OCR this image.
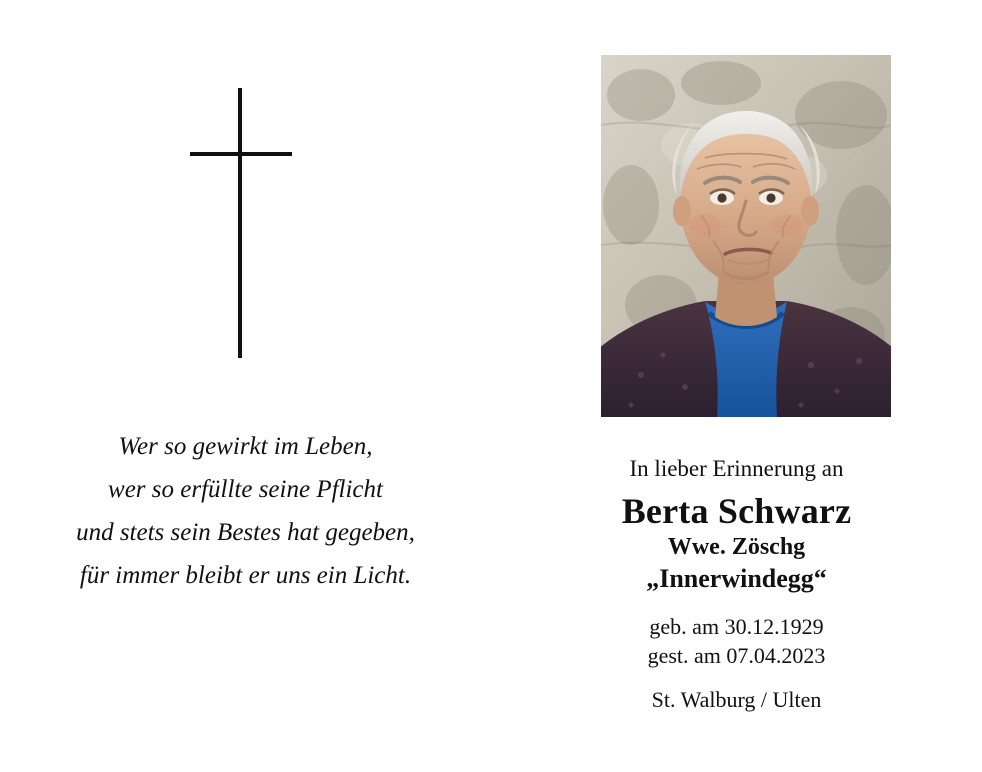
Wer so gewirkt im Leben,
wer so erfüllte seine Pflicht
und stets sein Bestes hat gegeben,
für immer bleibt er uns ein Licht.
In lieber Erinnerung an
Berta Schwarz
Wwe. Zöschg
„Innerwindegg“
geb. am 30.12.1929
gest. am 07.04.2023
St. Walburg / Ulten
